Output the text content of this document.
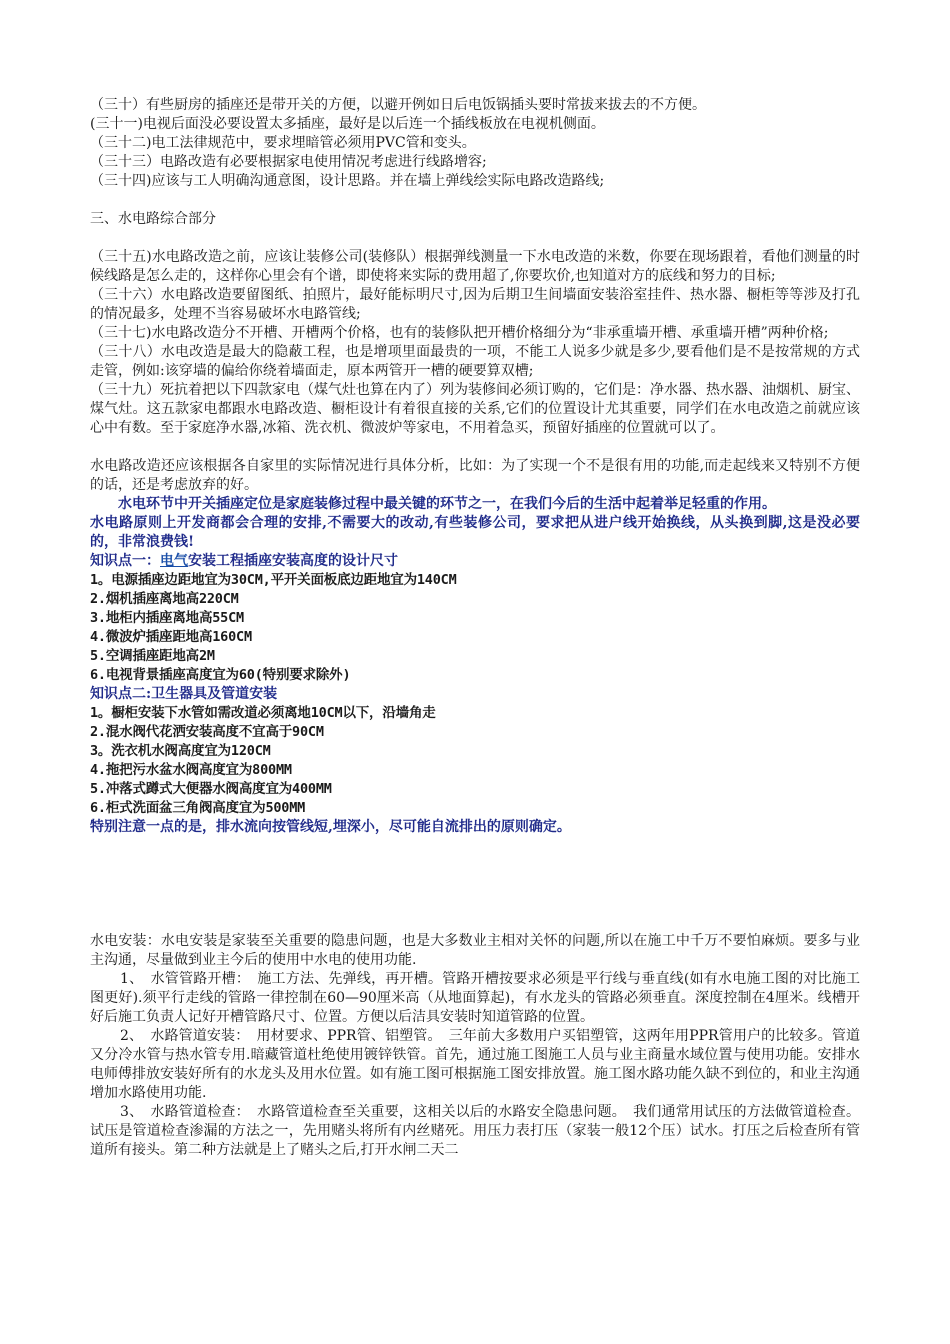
（三十）有些厨房的插座还是带开关的方便，以避开例如日后电饭锅插头要时常拔来拔去的不方便。

(三十一)电视后面没必要设置太多插座，最好是以后连一个插线板放在电视机侧面。

（三十二)电工法律规范中，要求埋暗管必须用PVC管和变头。

（三十三）电路改造有必要根据家电使用情况考虑进行线路增容;

（三十四)应该与工人明确沟通意图，设计思路。并在墙上弹线绘实际电路改造路线;

三、水电路综合部分

（三十五)水电路改造之前，应该让装修公司(装修队）根据弹线测量一下水电改造的米数，你要在现场跟着，看他们测量的时候线路是怎么走的，这样你心里会有个谱，即使将来实际的费用超了,你要坎价,也知道对方的底线和努力的目标;

（三十六）水电路改造要留图纸、拍照片，最好能标明尺寸,因为后期卫生间墙面安装浴室挂件、热水器、橱柜等等涉及打孔的情况最多，处理不当容易破坏水电路管线;

（三十七)水电路改造分不开槽、开槽两个价格，也有的装修队把开槽价格细分为“非承重墙开槽、承重墙开槽”两种价格;

（三十八）水电改造是最大的隐蔽工程，也是增项里面最贵的一项，不能工人说多少就是多少,要看他们是不是按常规的方式走管，例如:该穿墙的偏给你绕着墙面走，原本两管开一槽的硬要算双槽;

（三十九）死抗着把以下四款家电（煤气灶也算在内了）列为装修间必须订购的，它们是：净水器、热水器、油烟机、厨宝、煤气灶。这五款家电都跟水电路改造、橱柜设计有着很直接的关系,它们的位置设计尤其重要，同学们在水电改造之前就应该心中有数。至于家庭净水器,冰箱、洗衣机、微波炉等家电，不用着急买，预留好插座的位置就可以了。

水电路改造还应该根据各自家里的实际情况进行具体分析，比如：为了实现一个不是很有用的功能,而走起线来又特别不方便的话，还是考虑放弃的好。

水电环节中开关插座定位是家庭装修过程中最关键的环节之一，在我们今后的生活中起着举足轻重的作用。

水电路原则上开发商都会合理的安排,不需要大的改动,有些装修公司，要求把从进户线开始换线，从头换到脚,这是没必要的，非常浪费钱!

知识点一：电气安装工程插座安装高度的设计尺寸

1。电源插座边距地宜为30CM,平开关面板底边距地宜为140CM

2.烟机插座离地高220CM

3.地柜内插座离地高55CM

4.微波炉插座距地高160CM

5.空调插座距地高2M

6.电视背景插座高度宜为60(特别要求除外)

知识点二:卫生器具及管道安装

1。橱柜安装下水管如需改道必须离地10CM以下，沿墙角走

2.混水阀代花洒安装高度不宜高于90CM

3。洗衣机水阀高度宜为120CM

4.拖把污水盆水阀高度宜为800MM

5.冲落式蹲式大便器水阀高度宜为400MM

6.柜式洗面盆三角阀高度宜为500MM

特别注意一点的是，排水流向按管线短,埋深小，尽可能自流排出的原则确定。

水电安装：水电安装是家装至关重要的隐患问题，也是大多数业主相对关怀的问题,所以在施工中千万不要怕麻烦。要多与业主沟通，尽量做到业主今后的使用中水电的使用功能.

1、　水管管路开槽：　施工方法、先弹线，再开槽。管路开槽按要求必须是平行线与垂直线(如有水电施工图的对比施工图更好).须平行走线的管路一律控制在60—90厘米高（从地面算起)，有水龙头的管路必须垂直。深度控制在4厘米。线槽开好后施工负责人记好开槽管路尺寸、位置。方便以后洁具安装时知道管路的位置。

2、　水路管道安装：　用材要求、PPR管、铝塑管。　三年前大多数用户买铝塑管，这两年用PPR管用户的比较多。管道又分冷水管与热水管专用.暗藏管道杜绝使用镀锌铁管。首先，通过施工图施工人员与业主商量水域位置与使用功能。安排水电师傅排放安装好所有的水龙头及用水位置。如有施工图可根据施工图安排放置。施工图水路功能久缺不到位的，和业主沟通增加水路使用功能.

3、　水路管道检查：　水路管道检查至关重要，这相关以后的水路安全隐患问题。　我们通常用试压的方法做管道检查。试压是管道检查渗漏的方法之一，先用赌头将所有内丝赌死。用压力表打压（家装一般12个压）试水。打压之后检查所有管道所有接头。第二种方法就是上了赌头之后,打开水闸二天二
